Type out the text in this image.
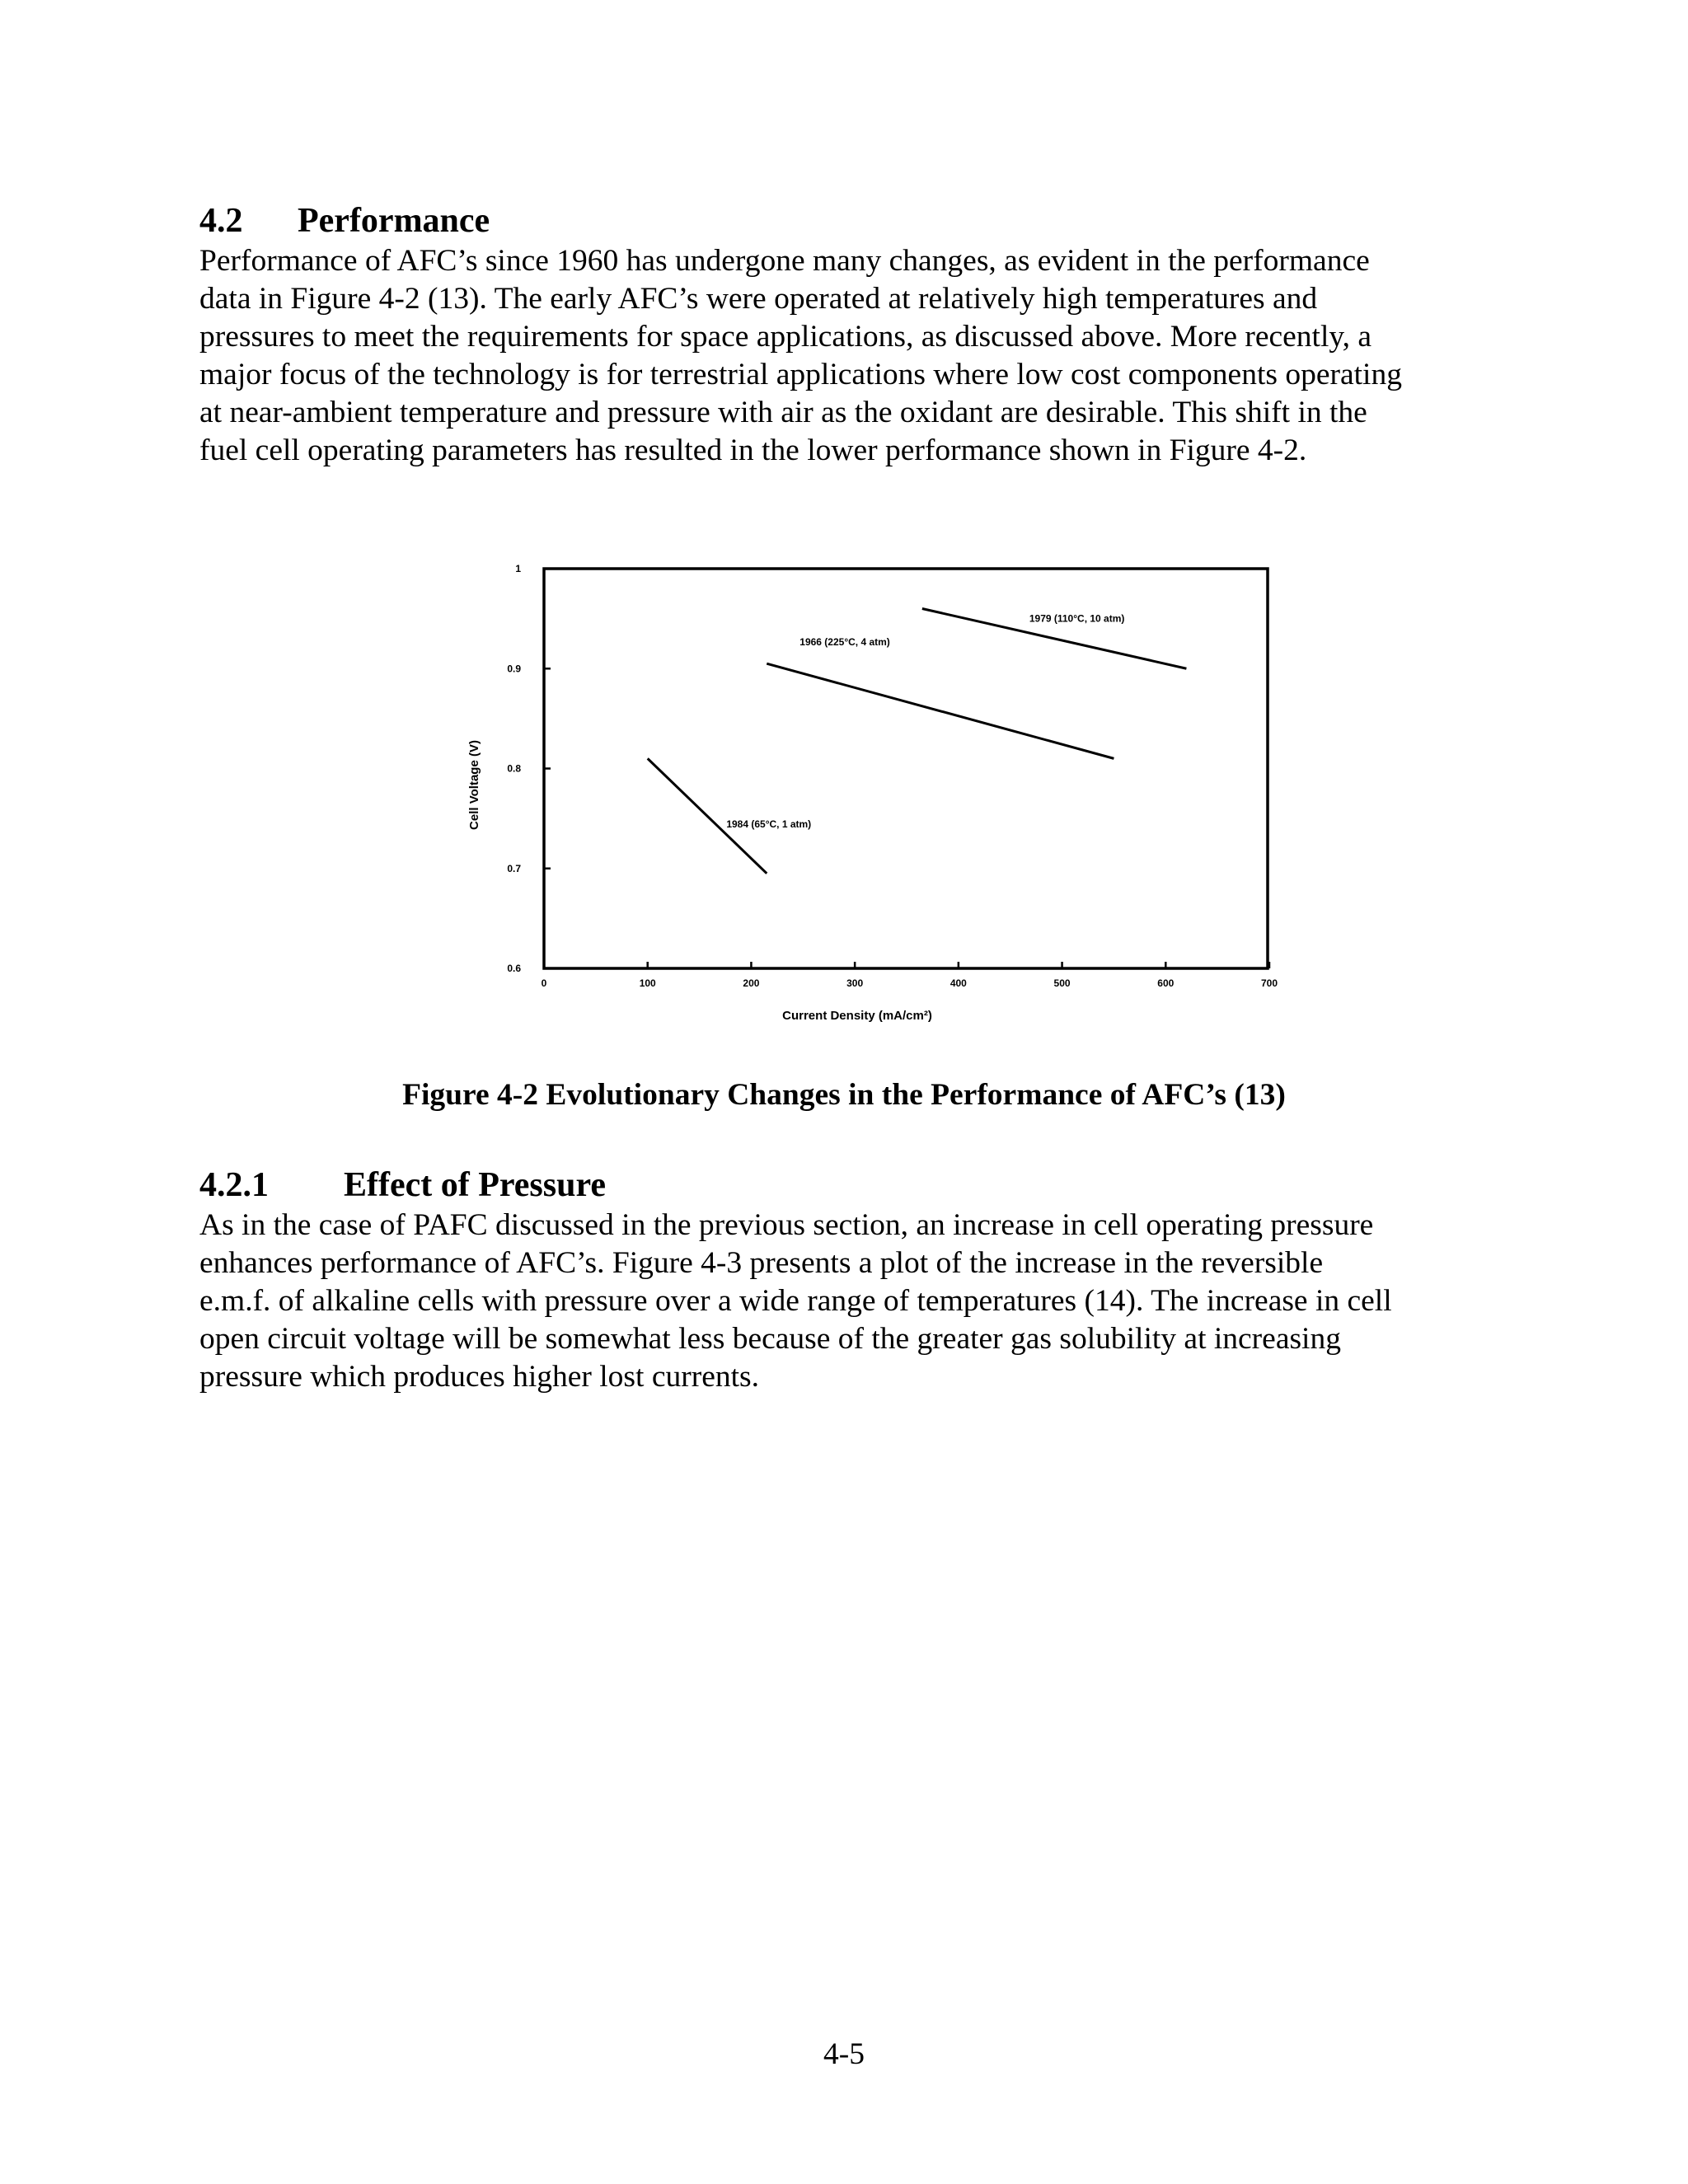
4.2 Performance
Performance of AFC’s since 1960 has undergone many changes, as evident in the performance
data in Figure 4-2 (13). The early AFC’s were operated at relatively high temperatures and
pressures to meet the requirements for space applications, as discussed above. More recently, a
major focus of the technology is for terrestrial applications where low cost components operating
at near-ambient temperature and pressure with air as the oxidant are desirable. This shift in the
fuel cell operating parameters has resulted in the lower performance shown in Figure 4-2.
0	100	200	300	400	500	600	700
0.6
0.7
0.8
0.9
1
1984 (65°C, 1 atm)
1966 (225°C, 4 atm)
1979 (110°C, 10 atm)
Current Density (mA/cm²)
Cell Voltage (V)
Figure 4-2 Evolutionary Changes in the Performance of AFC’s (13)
4.2.1 Effect of Pressure
As in the case of PAFC discussed in the previous section, an increase in cell operating pressure
enhances performance of AFC’s. Figure 4-3 presents a plot of the increase in the reversible
e.m.f. of alkaline cells with pressure over a wide range of temperatures (14). The increase in cell
open circuit voltage will be somewhat less because of the greater gas solubility at increasing
pressure which produces higher lost currents.
4-5
